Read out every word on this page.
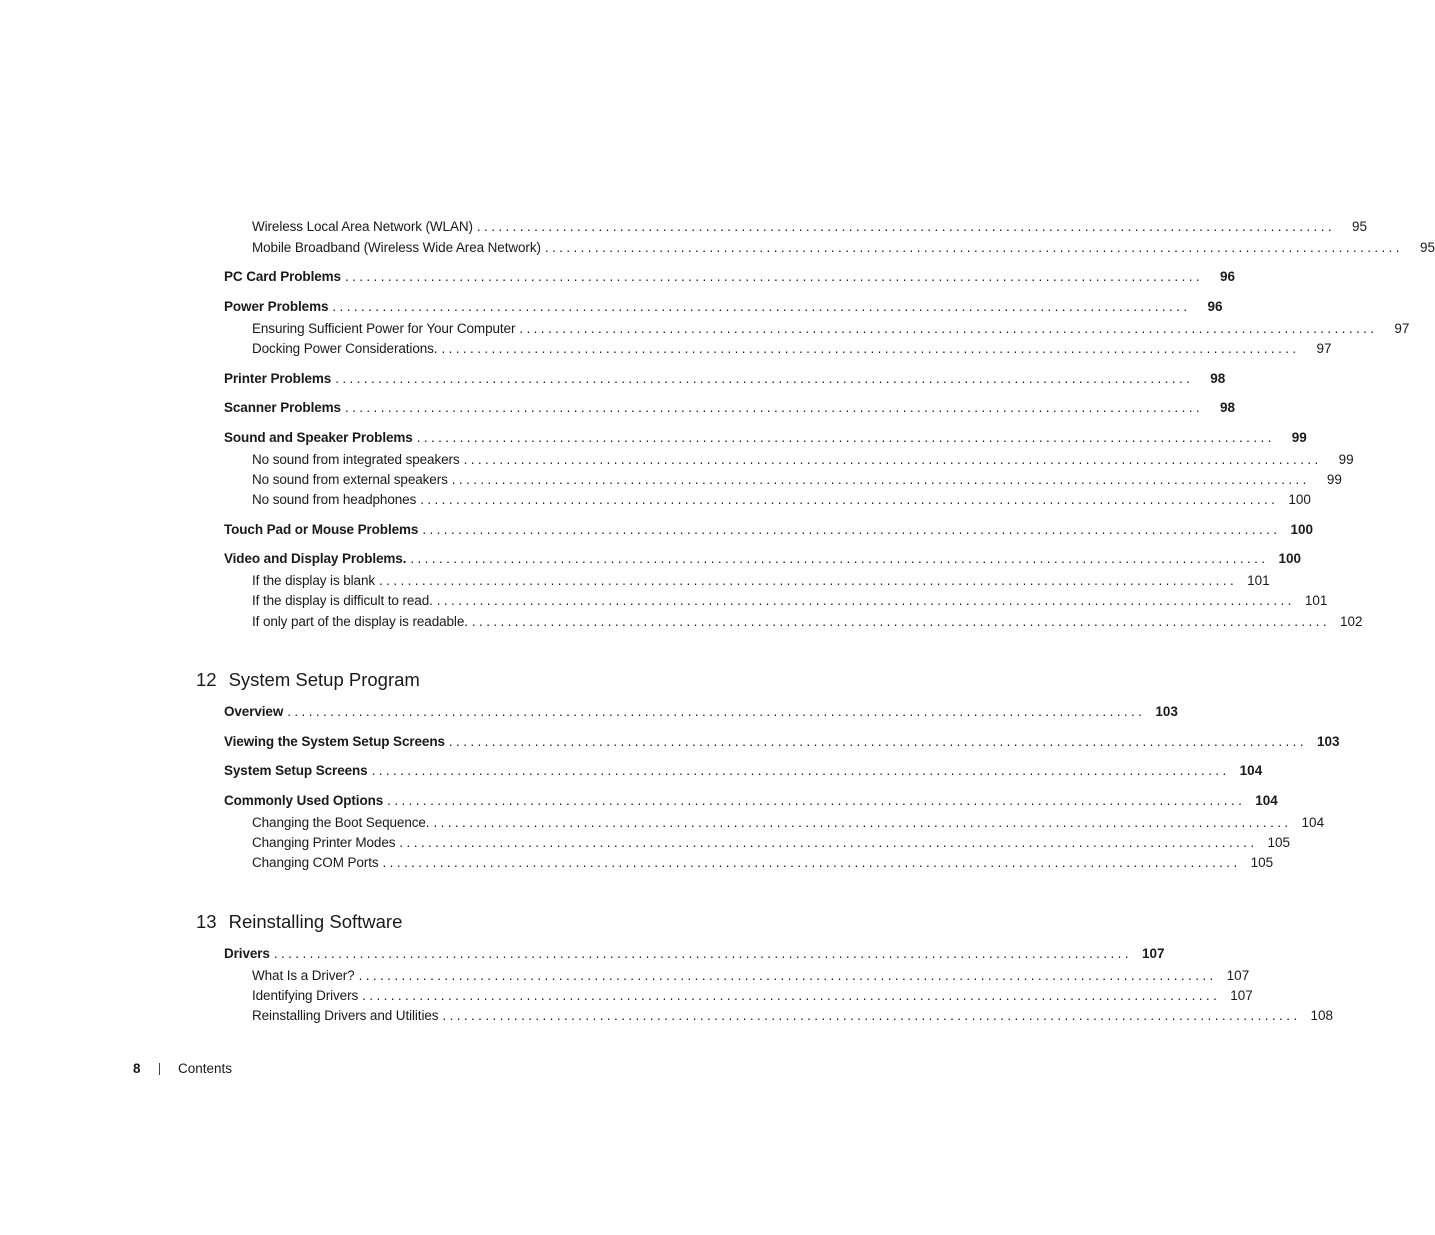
Wireless Local Area Network (WLAN) ........................................................................................................................	95
Mobile Broadband (Wireless Wide Area Network) ........................................................................................................................	95
PC Card Problems ........................................................................................................................	96
Power Problems ........................................................................................................................	96
Ensuring Sufficient Power for Your Computer ........................................................................................................................	97
Docking Power Considerations. ........................................................................................................................	97
Printer Problems ........................................................................................................................	98
Scanner Problems ........................................................................................................................	98
Sound and Speaker Problems ........................................................................................................................	99
No sound from integrated speakers ........................................................................................................................	99
No sound from external speakers ........................................................................................................................	99
No sound from headphones ........................................................................................................................ 100
Touch Pad or Mouse Problems ........................................................................................................................ 100
Video and Display Problems. ........................................................................................................................ 100
If the display is blank ........................................................................................................................ 101
If the display is difficult to read. ........................................................................................................................ 101
If only part of the display is readable. ........................................................................................................................ 102
12 System Setup Program
Overview ........................................................................................................................ 103
Viewing the System Setup Screens ........................................................................................................................ 103
System Setup Screens ........................................................................................................................ 104
Commonly Used Options ........................................................................................................................ 104
Changing the Boot Sequence. ........................................................................................................................ 104
Changing Printer Modes ........................................................................................................................ 105
Changing COM Ports ........................................................................................................................ 105
13 Reinstalling Software
Drivers ........................................................................................................................ 107
What Is a Driver? ........................................................................................................................ 107
Identifying Drivers ........................................................................................................................ 107
Reinstalling Drivers and Utilities ........................................................................................................................ 108
8	Contents
